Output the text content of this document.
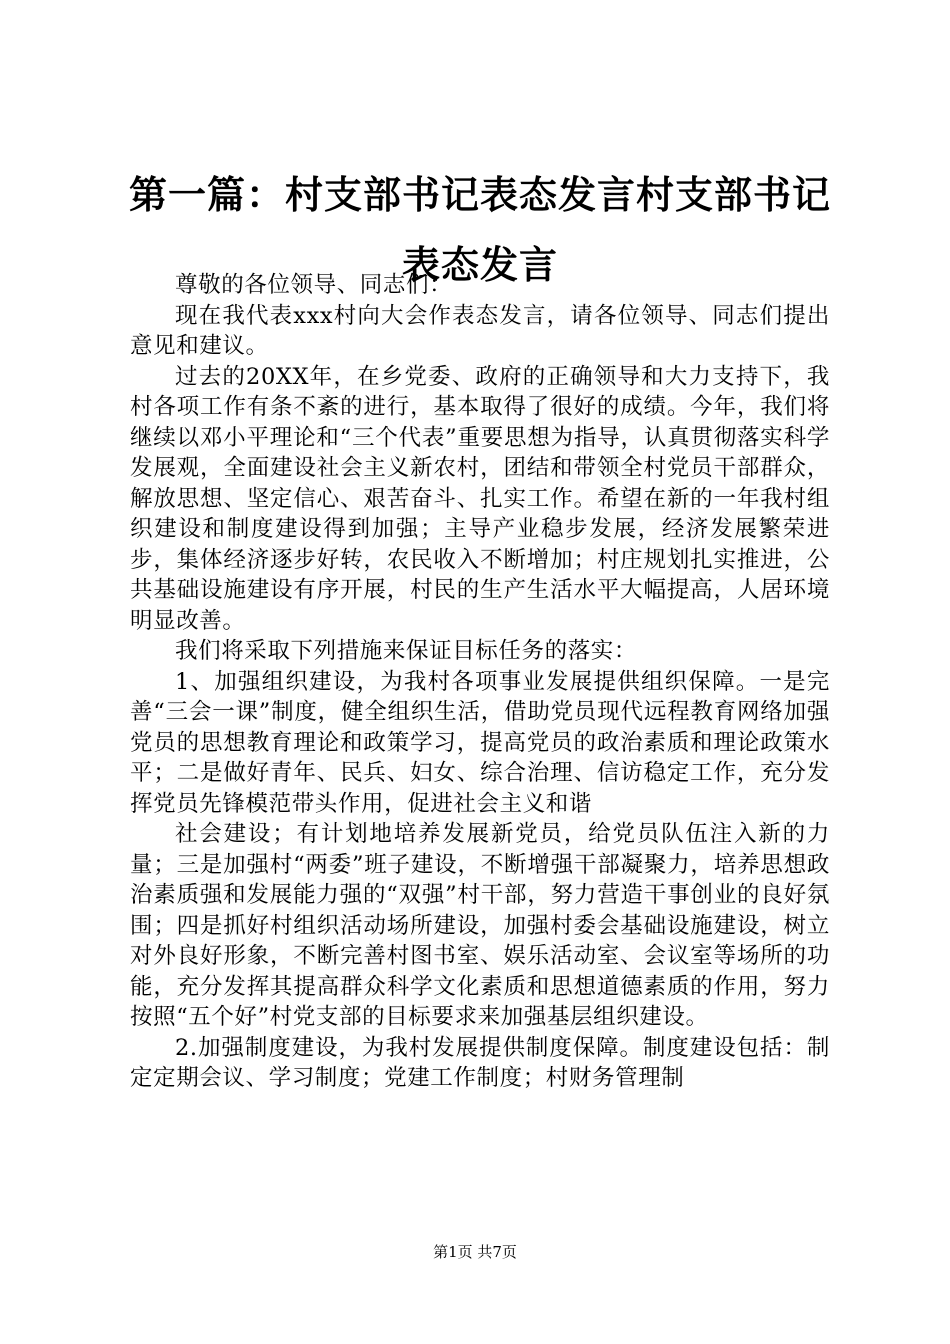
第一篇：村支部书记表态发言村支部书记表态发言

尊敬的各位领导、同志们：

现在我代表xxx村向大会作表态发言，请各位领导、同志们提出意见和建议。

过去的20XX年，在乡党委、政府的正确领导和大力支持下，我村各项工作有条不紊的进行，基本取得了很好的成绩。今年，我们将继续以邓小平理论和“三个代表”重要思想为指导，认真贯彻落实科学发展观，全面建设社会主义新农村，团结和带领全村党员干部群众，解放思想、坚定信心、艰苦奋斗、扎实工作。希望在新的一年我村组织建设和制度建设得到加强；主导产业稳步发展，经济发展繁荣进步，集体经济逐步好转，农民收入不断增加；村庄规划扎实推进，公共基础设施建设有序开展，村民的生产生活水平大幅提高，人居环境明显改善。

我们将采取下列措施来保证目标任务的落实：

1、加强组织建设，为我村各项事业发展提供组织保障。一是完善“三会一课”制度，健全组织生活，借助党员现代远程教育网络加强党员的思想教育理论和政策学习，提高党员的政治素质和理论政策水平；二是做好青年、民兵、妇女、综合治理、信访稳定工作，充分发挥党员先锋模范带头作用，促进社会主义和谐

社会建设；有计划地培养发展新党员，给党员队伍注入新的力量；三是加强村“两委”班子建设，不断增强干部凝聚力，培养思想政治素质强和发展能力强的“双强”村干部，努力营造干事创业的良好氛围；四是抓好村组织活动场所建设，加强村委会基础设施建设，树立对外良好形象，不断完善村图书室、娱乐活动室、会议室等场所的功能，充分发挥其提高群众科学文化素质和思想道德素质的作用，努力按照“五个好”村党支部的目标要求来加强基层组织建设。

2.加强制度建设，为我村发展提供制度保障。制度建设包括：制定定期会议、学习制度；党建工作制度；村财务管理制

第1页 共7页
